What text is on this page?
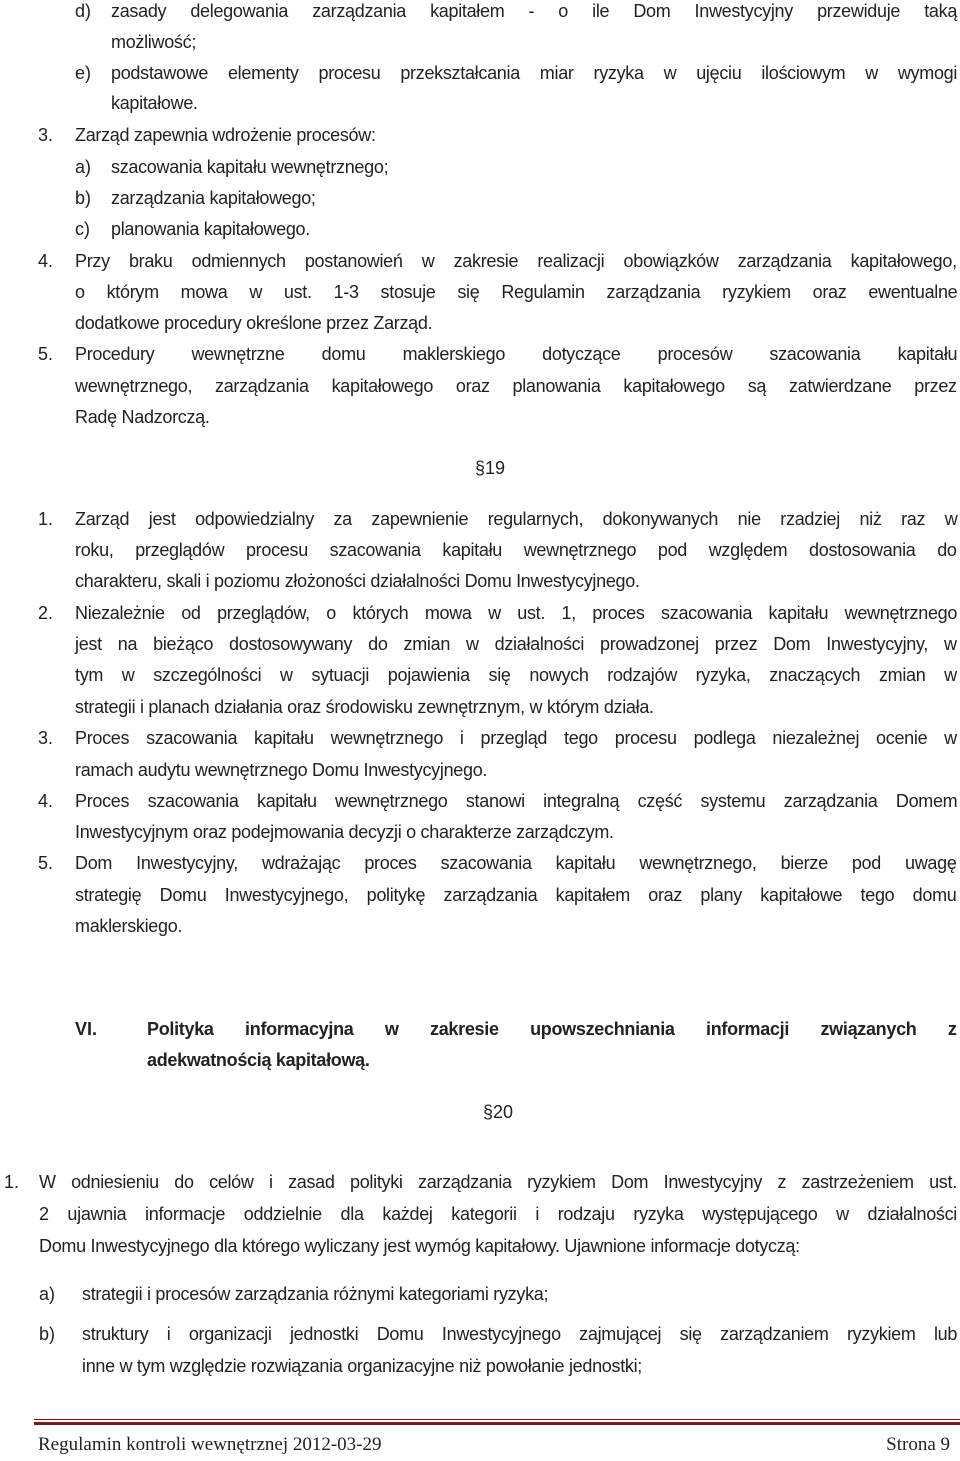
d) zasady delegowania zarządzania kapitałem - o ile Dom Inwestycyjny przewiduje taką
możliwość;
e) podstawowe elementy procesu przekształcania miar ryzyka w ujęciu ilościowym w wymogi
kapitałowe.
3. Zarząd zapewnia wdrożenie procesów:
a) szacowania kapitału wewnętrznego;
b) zarządzania kapitałowego;
c) planowania kapitałowego.
4. Przy braku odmiennych postanowień w zakresie realizacji obowiązków zarządzania kapitałowego,
o którym mowa w ust. 1-3 stosuje się Regulamin zarządzania ryzykiem oraz ewentualne
dodatkowe procedury określone przez Zarząd.
5. Procedury wewnętrzne domu maklerskiego dotyczące procesów szacowania kapitału
wewnętrznego, zarządzania kapitałowego oraz planowania kapitałowego są zatwierdzane przez
Radę Nadzorczą.
§19
1. Zarząd jest odpowiedzialny za zapewnienie regularnych, dokonywanych nie rzadziej niż raz w
roku, przeglądów procesu szacowania kapitału wewnętrznego pod względem dostosowania do
charakteru, skali i poziomu złożoności działalności Domu Inwestycyjnego.
2. Niezależnie od przeglądów, o których mowa w ust. 1, proces szacowania kapitału wewnętrznego
jest na bieżąco dostosowywany do zmian w działalności prowadzonej przez Dom Inwestycyjny, w
tym w szczególności w sytuacji pojawienia się nowych rodzajów ryzyka, znaczących zmian w
strategii i planach działania oraz środowisku zewnętrznym, w którym działa.
3. Proces szacowania kapitału wewnętrznego i przegląd tego procesu podlega niezależnej ocenie w
ramach audytu wewnętrznego Domu Inwestycyjnego.
4. Proces szacowania kapitału wewnętrznego stanowi integralną część systemu zarządzania Domem
Inwestycyjnym oraz podejmowania decyzji o charakterze zarządczym.
5. Dom Inwestycyjny, wdrażając proces szacowania kapitału wewnętrznego, bierze pod uwagę
strategię Domu Inwestycyjnego, politykę zarządzania kapitałem oraz plany kapitałowe tego domu
maklerskiego.
VI.	Polityka informacyjna w zakresie upowszechniania informacji związanych z
adekwatnością kapitałową.
§20
1. W odniesieniu do celów i zasad polityki zarządzania ryzykiem Dom Inwestycyjny z zastrzeżeniem ust.
2 ujawnia informacje oddzielnie dla każdej kategorii i rodzaju ryzyka występującego w działalności
Domu Inwestycyjnego dla którego wyliczany jest wymóg kapitałowy. Ujawnione informacje dotyczą:
a) strategii i procesów zarządzania różnymi kategoriami ryzyka;
b) struktury i organizacji jednostki Domu Inwestycyjnego zajmującej się zarządzaniem ryzykiem lub
inne w tym względzie rozwiązania organizacyjne niż powołanie jednostki;
Regulamin kontroli wewnętrznej 2012-03-29	Strona 9
